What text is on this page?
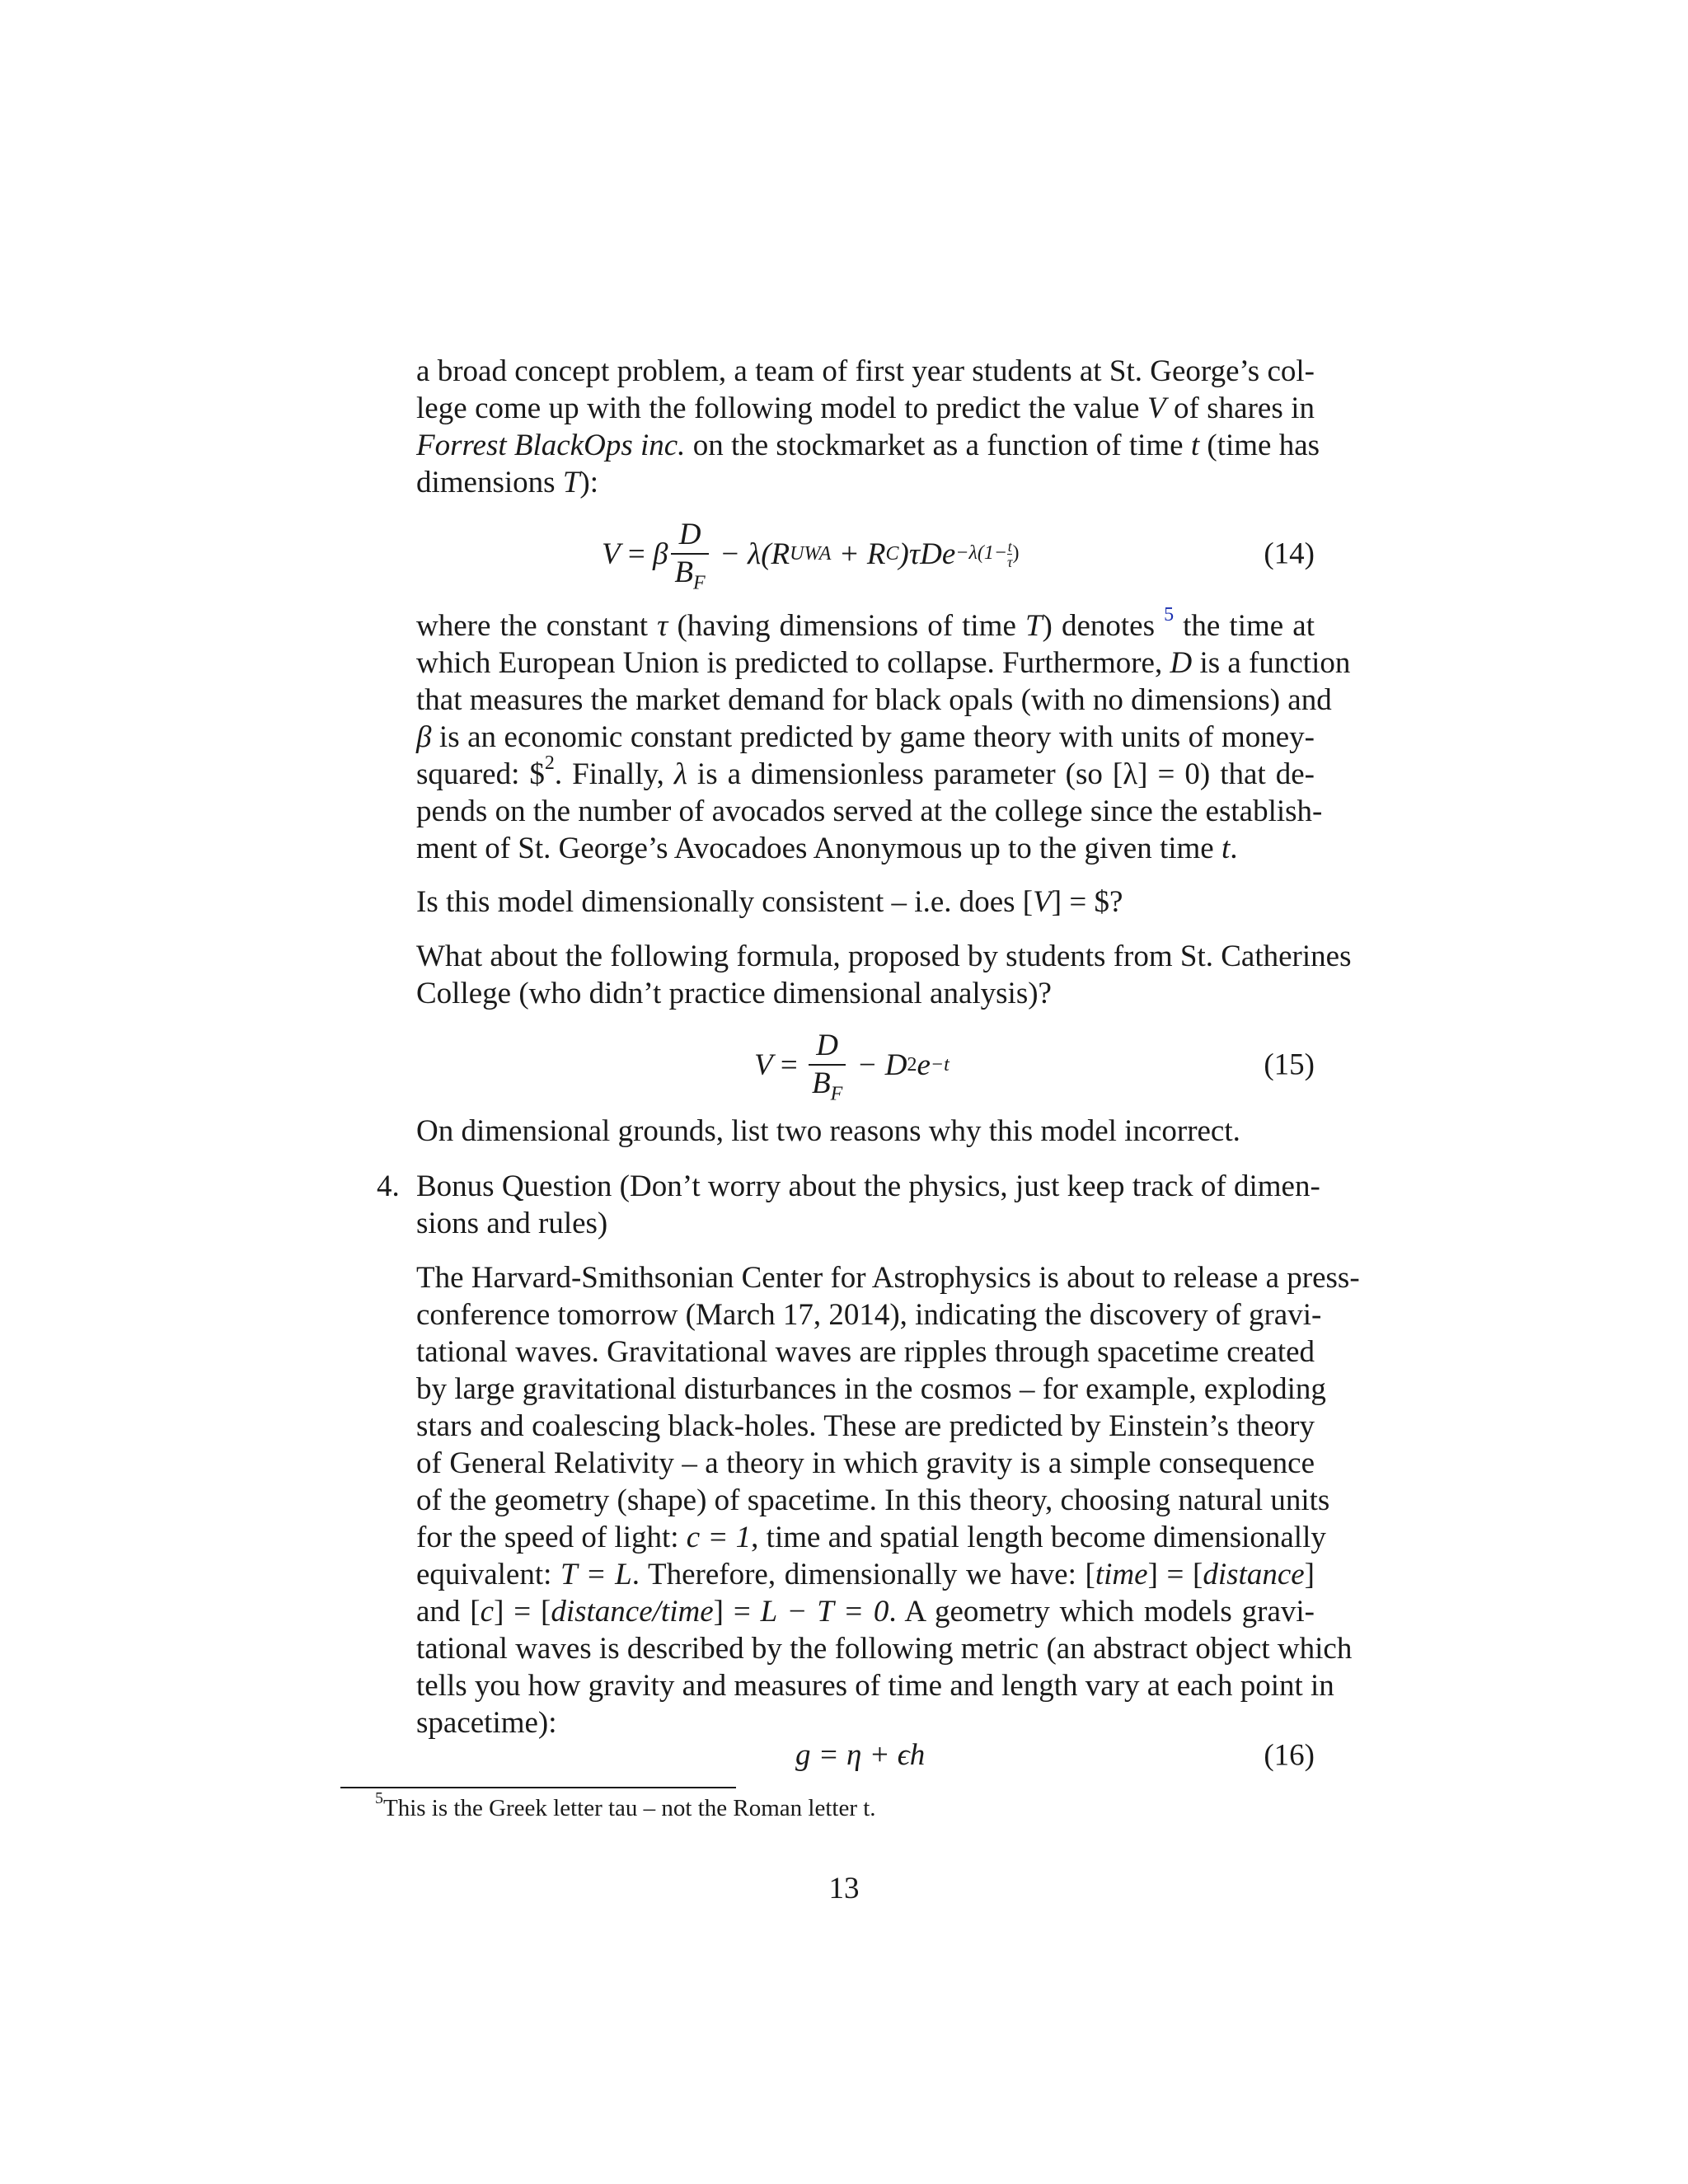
a broad concept problem, a team of first year students at St. George’s col-
lege come up with the following model to predict the value V of shares in
Forrest BlackOps inc. on the stockmarket as a function of time t (time has
dimensions T):
V = β $\frac{D}{B_F} - \lambda(R$ UWA + R C )$\tau De -\lambda(1- \frac{t}{\tau}$ )	(14)
where the constant τ (having dimensions of time T) denotes $^5$ the time at
which European Union is predicted to collapse. Furthermore, D is a function
that measures the market demand for black opals (with no dimensions) and
β is an economic constant predicted by game theory with units of money-
squared: \$$^2$. Finally, λ is a dimensionless parameter (so [λ] = 0) that de-
pends on the number of avocados served at the college since the establish-
ment of St. George’s Avocadoes Anonymous up to the given time t.
Is this model dimensionally consistent – i.e. does [V] = $?
What about the following formula, proposed by students from St. Catherines
College (who didn’t practice dimensional analysis)?
$V = \frac{D}{B_F} - D$ 2 e −t	(15)
On dimensional grounds, list two reasons why this model incorrect.
4. Bonus Question (Don’t worry about the physics, just keep track of dimen-
sions and rules)
The Harvard-Smithsonian Center for Astrophysics is about to release a press-
conference tomorrow (March 17, 2014), indicating the discovery of gravi-
tational waves. Gravitational waves are ripples through spacetime created
by large gravitational disturbances in the cosmos – for example, exploding
stars and coalescing black-holes. These are predicted by Einstein’s theory
of General Relativity – a theory in which gravity is a simple consequence
of the geometry (shape) of spacetime. In this theory, choosing natural units
for the speed of light: c = 1, time and spatial length become dimensionally
equivalent: T = L. Therefore, dimensionally we have: [time] = [distance]
and [c] = [distance/time] = L − T = 0. A geometry which models gravi-
tational waves is described by the following metric (an abstract object which
tells you how gravity and measures of time and length vary at each point in
spacetime):
g = η + ϵh	(16)
$^5$This is the Greek letter tau – not the Roman letter t.
13
